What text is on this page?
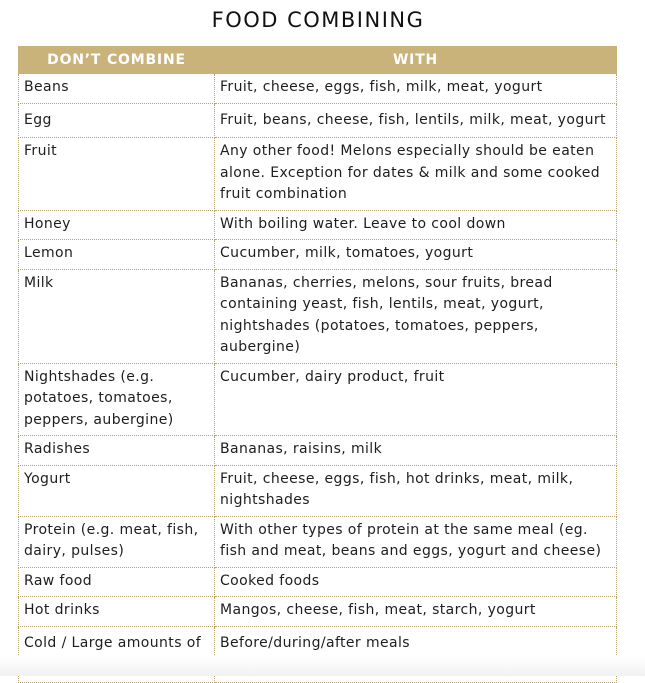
FOOD COMBINING
DON’T COMBINE	WITH
Beans	Fruit, cheese, eggs, fish, milk, meat, yogurt
Egg	Fruit, beans, cheese, fish, lentils, milk, meat, yogurt
Fruit	Any other food! Melons especially should be eaten alone. Exception for dates & milk and some cooked fruit combination
Honey	With boiling water. Leave to cool down
Lemon	Cucumber, milk, tomatoes, yogurt
Milk	Bananas, cherries, melons, sour fruits, bread containing yeast, fish, lentils, meat, yogurt, nightshades (potatoes, tomatoes, peppers, aubergine)
Nightshades (e.g. potatoes, tomatoes, peppers, aubergine)	Cucumber, dairy product, fruit
Radishes	Bananas, raisins, milk
Yogurt	Fruit, cheese, eggs, fish, hot drinks, meat, milk, nightshades
Protein (e.g. meat, fish, dairy, pulses)	With other types of protein at the same meal (eg. fish and meat, beans and eggs, yogurt and cheese)
Raw food	Cooked foods
Hot drinks	Mangos, cheese, fish, meat, starch, yogurt
Cold / Large amounts of	Before/during/after meals
